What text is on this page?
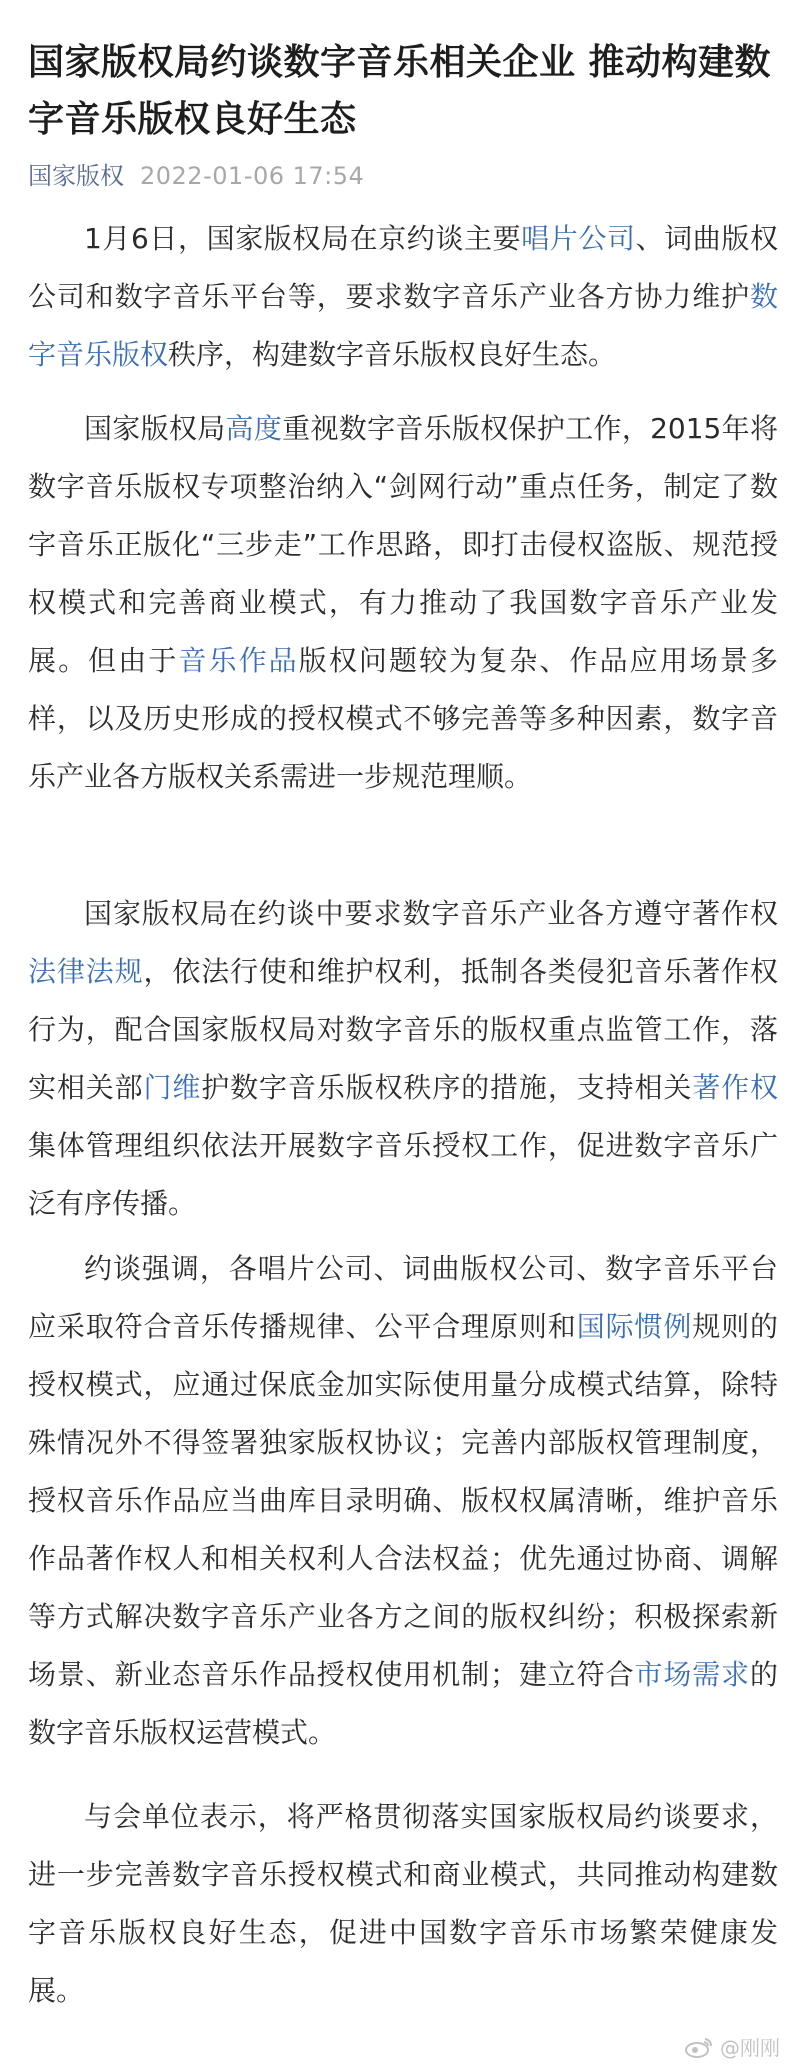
国家版权局约谈数字音乐相关企业 推动构建数字音乐版权良好生态
国家版权 2022-01-06 17:54

1月6日，国家版权局在京约谈主要唱片公司、词曲版权公司和数字音乐平台等，要求数字音乐产业各方协力维护数字音乐版权秩序，构建数字音乐版权良好生态。

国家版权局高度重视数字音乐版权保护工作，2015年将数字音乐版权专项整治纳入“剑网行动”重点任务，制定了数字音乐正版化“三步走”工作思路，即打击侵权盗版、规范授权模式和完善商业模式，有力推动了我国数字音乐产业发展。但由于音乐作品版权问题较为复杂、作品应用场景多样，以及历史形成的授权模式不够完善等多种因素，数字音乐产业各方版权关系需进一步规范理顺。

国家版权局在约谈中要求数字音乐产业各方遵守著作权法律法规，依法行使和维护权利，抵制各类侵犯音乐著作权行为，配合国家版权局对数字音乐的版权重点监管工作，落实相关部门维护数字音乐版权秩序的措施，支持相关著作权集体管理组织依法开展数字音乐授权工作，促进数字音乐广泛有序传播。

约谈强调，各唱片公司、词曲版权公司、数字音乐平台应采取符合音乐传播规律、公平合理原则和国际惯例规则的授权模式，应通过保底金加实际使用量分成模式结算，除特殊情况外不得签署独家版权协议；完善内部版权管理制度，授权音乐作品应当曲库目录明确、版权权属清晰，维护音乐作品著作权人和相关权利人合法权益；优先通过协商、调解等方式解决数字音乐产业各方之间的版权纠纷；积极探索新场景、新业态音乐作品授权使用机制；建立符合市场需求的数字音乐版权运营模式。

与会单位表示，将严格贯彻落实国家版权局约谈要求，进一步完善数字音乐授权模式和商业模式，共同推动构建数字音乐版权良好生态，促进中国数字音乐市场繁荣健康发展。

@刚刚
